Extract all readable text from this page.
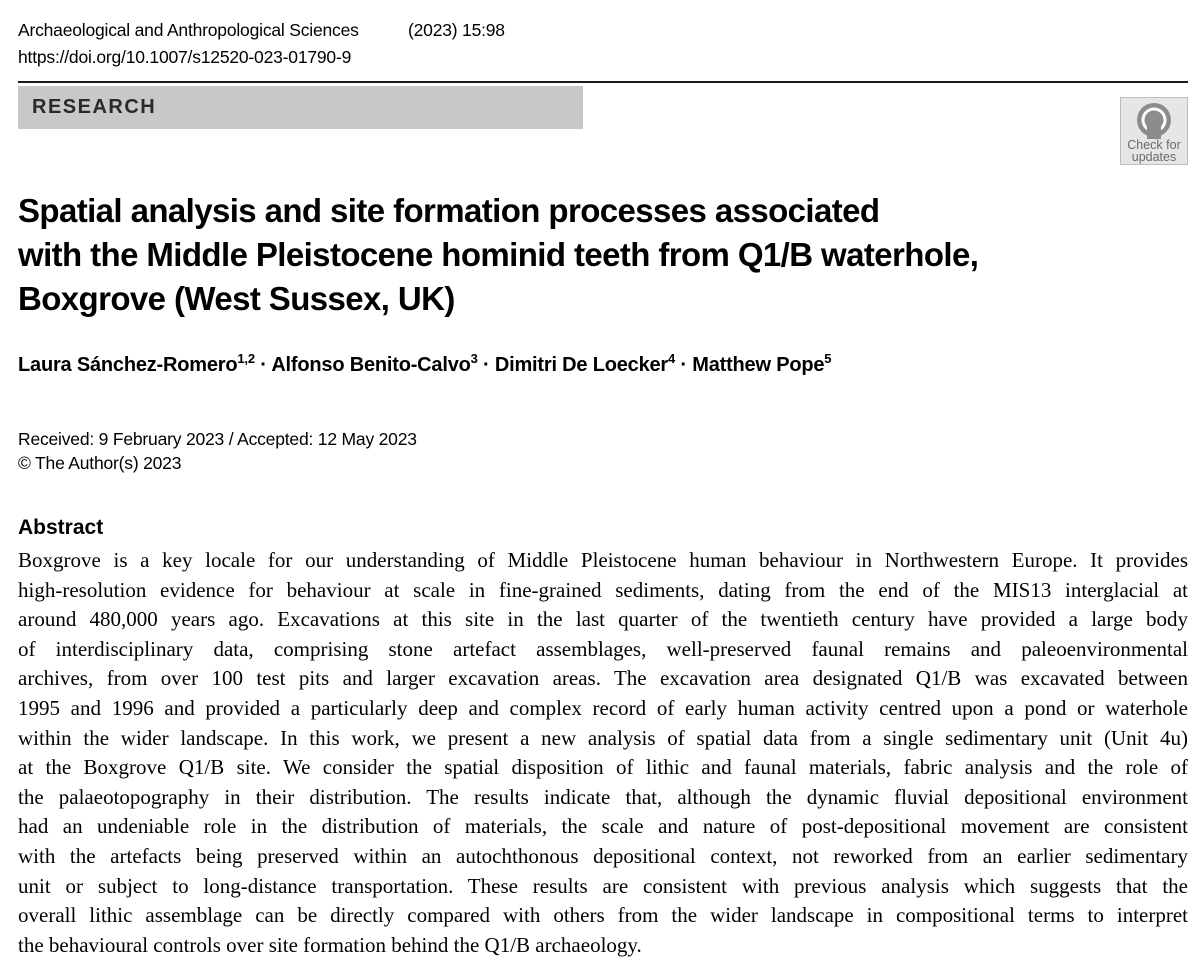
Archaeological and Anthropological Sciences	(2023) 15:98
https://doi.org/10.1007/s12520-023-01790-9
RESEARCH
Check for
updates
Spatial analysis and site formation processes associated
with the Middle Pleistocene hominid teeth from Q1/B waterhole,
Boxgrove (West Sussex, UK)
Laura Sánchez-Romero$^{1,2}$ · Alfonso Benito-Calvo$^3$ · Dimitri De Loecker$^4$ · Matthew Pope$^5$
Received: 9 February 2023 / Accepted: 12 May 2023
© The Author(s) 2023
Abstract

Boxgrove is a key locale for our understanding of Middle Pleistocene human behaviour in Northwestern Europe. It provides
high-resolution evidence for behaviour at scale in fine-grained sediments, dating from the end of the MIS13 interglacial at
around 480,000 years ago. Excavations at this site in the last quarter of the twentieth century have provided a large body
of interdisciplinary data, comprising stone artefact assemblages, well-preserved faunal remains and paleoenvironmental
archives, from over 100 test pits and larger excavation areas. The excavation area designated Q1/B was excavated between
1995 and 1996 and provided a particularly deep and complex record of early human activity centred upon a pond or waterhole
within the wider landscape. In this work, we present a new analysis of spatial data from a single sedimentary unit (Unit 4u)
at the Boxgrove Q1/B site. We consider the spatial disposition of lithic and faunal materials, fabric analysis and the role of
the palaeotopography in their distribution. The results indicate that, although the dynamic fluvial depositional environment
had an undeniable role in the distribution of materials, the scale and nature of post-depositional movement are consistent
with the artefacts being preserved within an autochthonous depositional context, not reworked from an earlier sedimentary
unit or subject to long-distance transportation. These results are consistent with previous analysis which suggests that the
overall lithic assemblage can be directly compared with others from the wider landscape in compositional terms to interpret
the behavioural controls over site formation behind the Q1/B archaeology.
